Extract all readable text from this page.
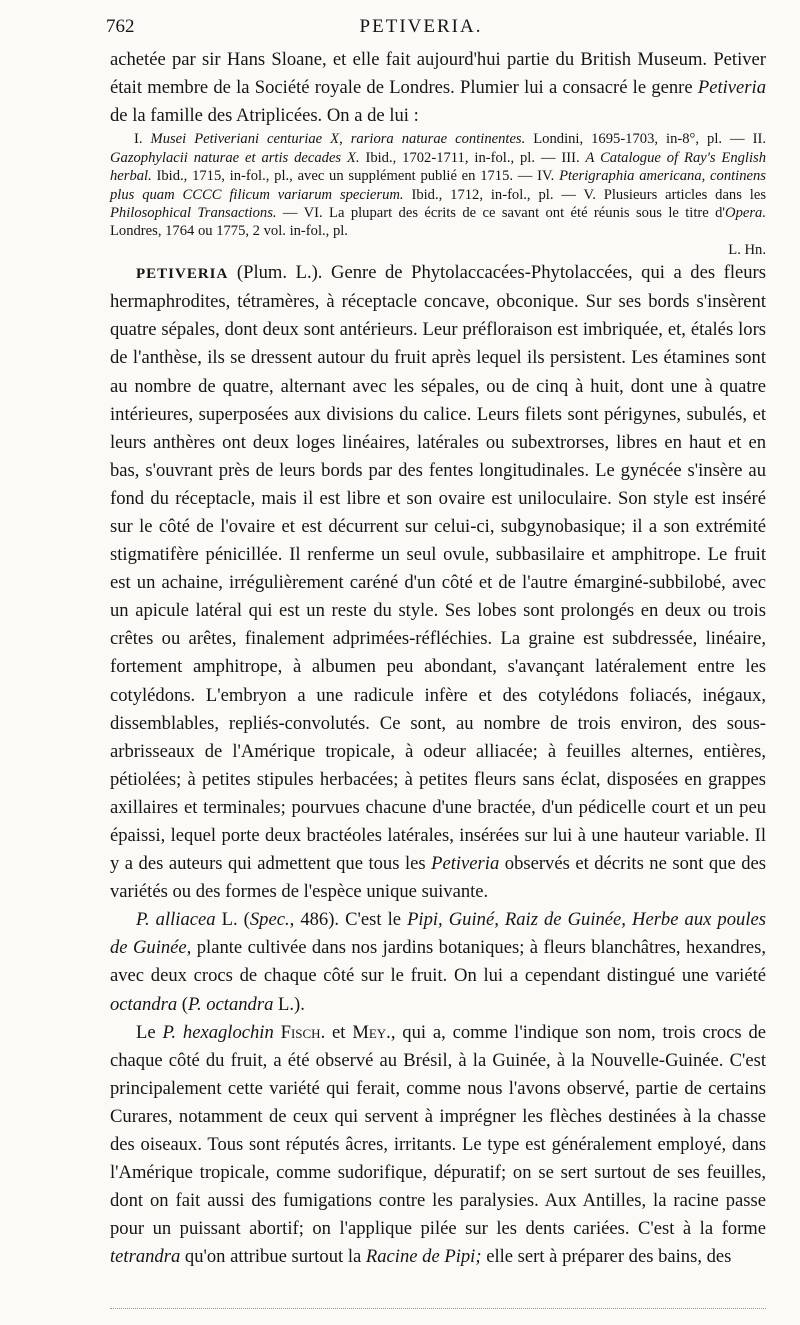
762	PETIVERIA.

achetée par sir Hans Sloane, et elle fait aujourd'hui partie du British Museum. Petiver était membre de la Société royale de Londres. Plumier lui a consacré le genre Petiveria de la famille des Atriplicées. On a de lui :

I. Musei Petiveriani centuriae X, rariora naturae continentes. Londini, 1695-1703, in-8°, pl. — II. Gazophylacii naturae et artis decades X. Ibid., 1702-1711, in-fol., pl. — III. A Catalogue of Ray's English herbal. Ibid., 1715, in-fol., pl., avec un supplément publié en 1715. — IV. Pterigraphia americana, continens plus quam CCCC filicum variarum specierum. Ibid., 1712, in-fol., pl. — V. Plusieurs articles dans les Philosophical Transactions. — VI. La plupart des écrits de ce savant ont été réunis sous le titre d'Opera. Londres, 1764 ou 1775, 2 vol. in-fol., pl.
L. Hn.

PETIVERIA (Plum. L.). Genre de Phytolaccacées-Phytolaccées, qui a des fleurs hermaphrodites, tétramères, à réceptacle concave, obconique. Sur ses bords s'insèrent quatre sépales, dont deux sont antérieurs. Leur préfloraison est imbriquée, et, étalés lors de l'anthèse, ils se dressent autour du fruit après lequel ils persistent. Les étamines sont au nombre de quatre, alternant avec les sépales, ou de cinq à huit, dont une à quatre intérieures, superposées aux divisions du calice. Leurs filets sont périgynes, subulés, et leurs anthères ont deux loges linéaires, latérales ou subextrorses, libres en haut et en bas, s'ouvrant près de leurs bords par des fentes longitudinales. Le gynécée s'insère au fond du réceptacle, mais il est libre et son ovaire est uniloculaire. Son style est inséré sur le côté de l'ovaire et est décurrent sur celui-ci, subgynobasique; il a son extrémité stigmatifère pénicillée. Il renferme un seul ovule, subbasilaire et amphitrope. Le fruit est un achaine, irrégulièrement caréné d'un côté et de l'autre émarginé-subbilobé, avec un apicule latéral qui est un reste du style. Ses lobes sont prolongés en deux ou trois crêtes ou arêtes, finalement adprimées-réfléchies. La graine est subdressée, linéaire, fortement amphitrope, à albumen peu abondant, s'avançant latéralement entre les cotylédons. L'embryon a une radicule infère et des cotylédons foliacés, inégaux, dissemblables, repliés-convolutés. Ce sont, au nombre de trois environ, des sous-arbrisseaux de l'Amérique tropicale, à odeur alliacée; à feuilles alternes, entières, pétiolées; à petites stipules herbacées; à petites fleurs sans éclat, disposées en grappes axillaires et terminales; pourvues chacune d'une bractée, d'un pédicelle court et un peu épaissi, lequel porte deux bractéoles latérales, insérées sur lui à une hauteur variable. Il y a des auteurs qui admettent que tous les Petiveria observés et décrits ne sont que des variétés ou des formes de l'espèce unique suivante.

P. alliacea L. (Spec., 486). C'est le Pipi, Guiné, Raiz de Guinée, Herbe aux poules de Guinée, plante cultivée dans nos jardins botaniques; à fleurs blanchâtres, hexandres, avec deux crocs de chaque côté sur le fruit. On lui a cependant distingué une variété octandra (P. octandra L.).

Le P. hexaglochin Fisch. et Mey., qui a, comme l'indique son nom, trois crocs de chaque côté du fruit, a été observé au Brésil, à la Guinée, à la Nouvelle-Guinée. C'est principalement cette variété qui ferait, comme nous l'avons observé, partie de certains Curares, notamment de ceux qui servent à imprégner les flèches destinées à la chasse des oiseaux. Tous sont réputés âcres, irritants. Le type est généralement employé, dans l'Amérique tropicale, comme sudorifique, dépuratif; on se sert surtout de ses feuilles, dont on fait aussi des fumigations contre les paralysies. Aux Antilles, la racine passe pour un puissant abortif; on l'applique pilée sur les dents cariées. C'est à la forme tetrandra qu'on attribue surtout la Racine de Pipi; elle sert à préparer des bains, des
